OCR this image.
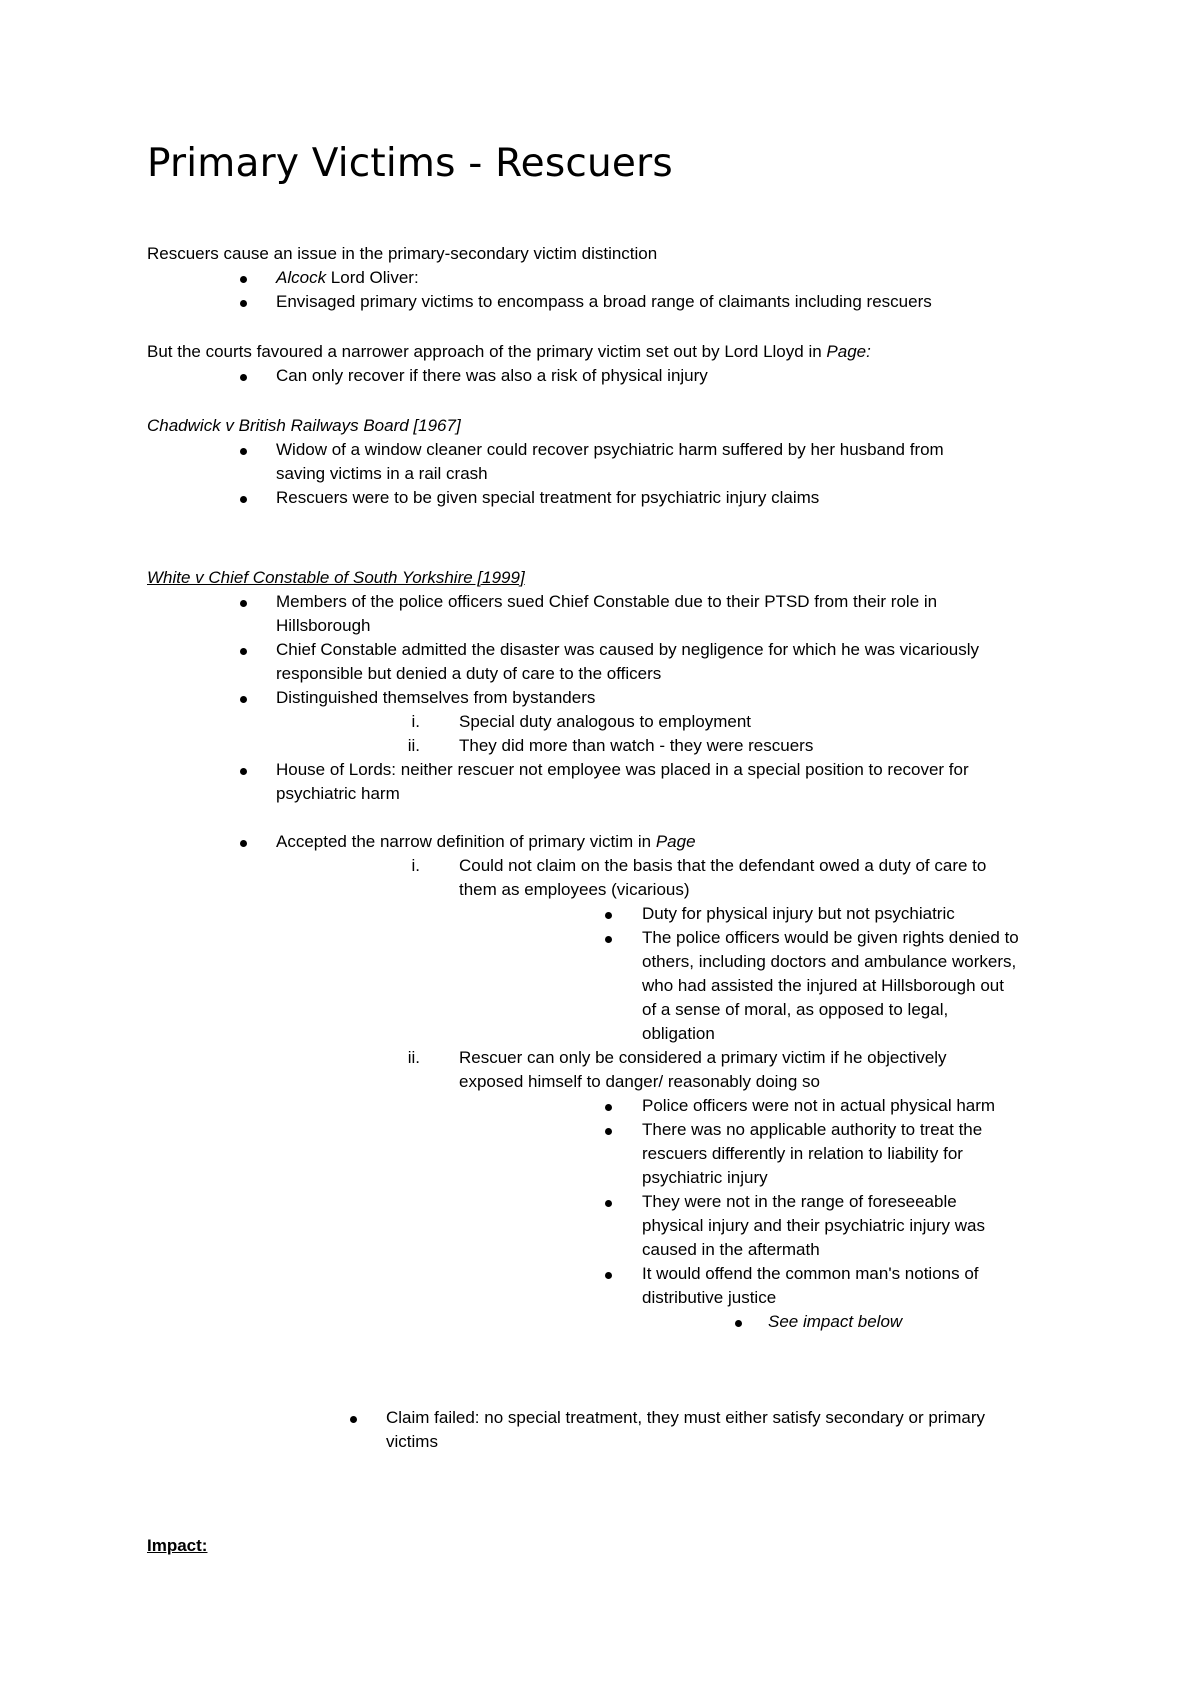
Primary Victims - Rescuers

Rescuers cause an issue in the primary-secondary victim distinction

Alcock Lord Oliver:

Envisaged primary victims to encompass a broad range of claimants including rescuers

But the courts favoured a narrower approach of the primary victim set out by Lord Lloyd in Page:

Can only recover if there was also a risk of physical injury

Chadwick v British Railways Board [1967]

Widow of a window cleaner could recover psychiatric harm suffered by her husband from

saving victims in a rail crash

Rescuers were to be given special treatment for psychiatric injury claims

White v Chief Constable of South Yorkshire [1999]

Members of the police officers sued Chief Constable due to their PTSD from their role in

Hillsborough

Chief Constable admitted the disaster was caused by negligence for which he was vicariously

responsible but denied a duty of care to the officers

Distinguished themselves from bystanders

i. Special duty analogous to employment

ii. They did more than watch - they were rescuers

House of Lords: neither rescuer not employee was placed in a special position to recover for

psychiatric harm

Accepted the narrow definition of primary victim in Page

i. Could not claim on the basis that the defendant owed a duty of care to

them as employees (vicarious)

Duty for physical injury but not psychiatric

The police officers would be given rights denied to

others, including doctors and ambulance workers,

who had assisted the injured at Hillsborough out

of a sense of moral, as opposed to legal,

obligation

ii. Rescuer can only be considered a primary victim if he objectively

exposed himself to danger/ reasonably doing so

Police officers were not in actual physical harm

There was no applicable authority to treat the

rescuers differently in relation to liability for

psychiatric injury

They were not in the range of foreseeable

physical injury and their psychiatric injury was

caused in the aftermath

It would offend the common man's notions of

distributive justice

See impact below

Claim failed: no special treatment, they must either satisfy secondary or primary

victims

Impact:
